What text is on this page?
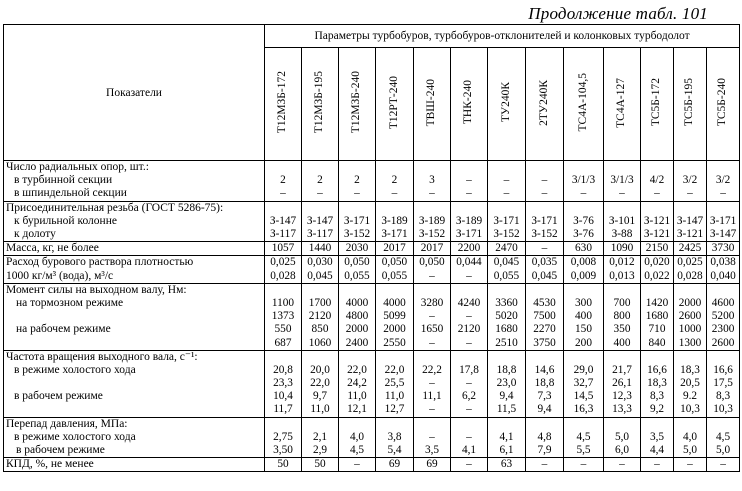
Продолжение табл. 101
Показатели	Параметры турбобуров, турбобуров-отклонителей и колонковых турбодолот												
	Т12МЗБ-172	Т12МЗБ-195	Т12МЗБ-240	Т12РТ-240	ТВШ-240	ТНК-240	ТУ240К	2ТУ240К	ТС4А-104,5	ТС4А-127	ТС5Б-172	ТС5Б-195	ТС5Б-240
Число радиальных опор, шт.:													
в турбинной секции	2	2	2	2	3	–	–	–	3/1/3	3/1/3	4/2	3/2	3/2
в шпиндельной секции	–	–	–	–	–	–	–	–	–	–	–	–	–
Присоединительная резьба (ГОСТ 5286-75):													
к бурильной колонне	З-147	З-147	З-171	З-189	З-189	З-189	З-171	З-171	З-76	З-101	З-121	З-147	З-171
к долоту	З-117	З-117	З-152	З-171	З-152	З-171	З-152	З-152	З-76	З-88	З-121	З-121	З-147
Масса, кг, не более	1057	1440	2030	2017	2017	2200	2470	–	630	1090	2150	2425	3730
Расход бурового раствора плотностью	0,025	0,030	0,050	0,050	0,050	0,044	0,045	0,035	0,008	0,012	0,020	0,025	0,038
1000 кг/м³ (вода), м³/с	0,028	0,045	0,055	0,055	–	–	0,055	0,045	0,009	0,013	0,022	0,028	0,040
Момент силы на выходном валу, Нм:													
на тормозном режиме	1100	1700	4000	4000	3280	4240	3360	4530	300	700	1420	2000	4600
	1373	2120	4800	5099	–	–	5020	7500	400	800	1680	2600	5200
на рабочем режиме	550	850	2000	2000	1650	2120	1680	2270	150	350	710	1000	2300
	687	1060	2400	2550	–	–	2510	3750	200	400	840	1300	2600
Частота вращения выходного вала, с⁻¹:													
в режиме холостого хода	20,8	20,0	22,0	22,0	22,2	17,8	18,8	14,6	29,0	21,7	16,6	18,3	16,6
	23,3	22,0	24,2	25,5	–	–	23,0	18,8	32,7	26,1	18,3	20,5	17,5
в рабочем режиме	10,4	9,7	11,0	11,0	11,1	6,2	9,4	7,3	14,5	12,3	8,3	9.2	8,3
	11,7	11,0	12,1	12,7	–	–	11,5	9,4	16,3	13,3	9,2	10,3	10,3
Перепад давления, МПа:													
в режиме холостого хода	2,75	2,1	4,0	3,8	–	–	4,1	4,8	4,5	5,0	3,5	4,0	4,5
в рабочем режиме	3,50	2,9	4,5	5,4	3,5	4,1	6,1	7,9	5,5	6,0	4,4	5,0	5,0
КПД, %, не менее	50	50	–	69	69	–	63	–	–	–	–	–	–
